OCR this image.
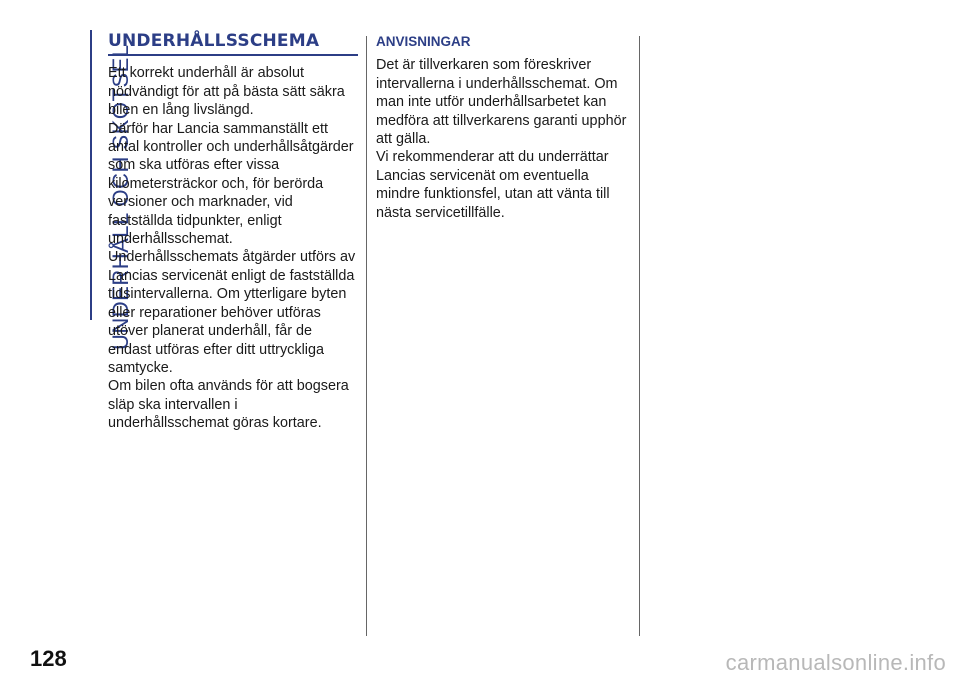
UNDERHÅLL OCH SKÖTSEL
UNDERHÅLLSSCHEMA

Ett korrekt underhåll är absolut nödvändigt för att på bästa sätt säkra bilen en lång livslängd.

Därför har Lancia sammanställt ett antal kontroller och underhållsåtgärder som ska utföras efter vissa kilometersträckor och, för berörda versioner och marknader, vid fastställda tidpunkter, enligt underhållsschemat.

Underhållsschemats åtgärder utförs av Lancias servicenät enligt de fastställda tidsintervallerna. Om ytterligare byten eller reparationer behöver utföras utöver planerat underhåll, får de endast utföras efter ditt uttryckliga samtycke.

Om bilen ofta används för att bogsera släp ska intervallen i underhållsschemat göras kortare.

ANVISNINGAR

Det är tillverkaren som föreskriver intervallerna i underhållsschemat. Om man inte utför underhållsarbetet kan medföra att tillverkarens garanti upphör att gälla.

Vi rekommenderar att du underrättar Lancias servicenät om eventuella mindre funktionsfel, utan att vänta till nästa servicetillfälle.

128	carmanualsonline.info
